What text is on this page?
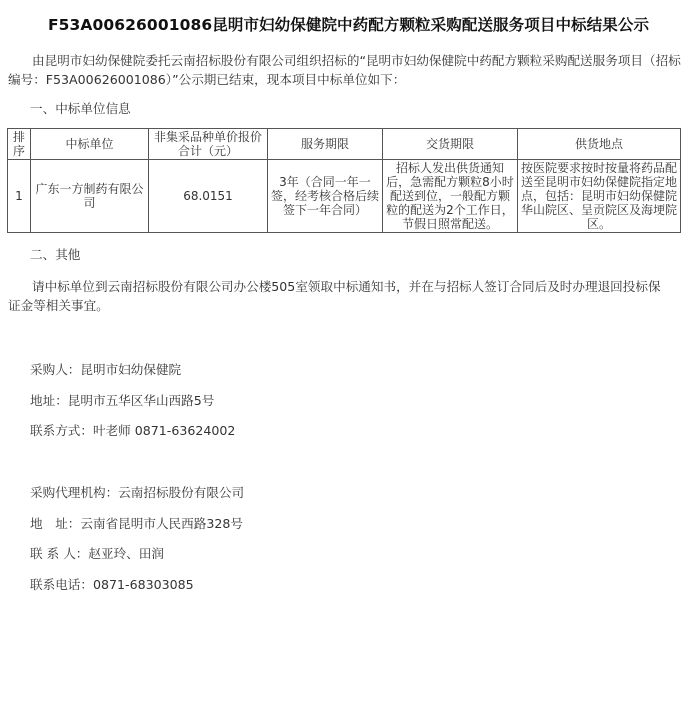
F53A00626001086昆明市妇幼保健院中药配方颗粒采购配送服务项目中标结果公示
由昆明市妇幼保健院委托云南招标股份有限公司组织招标的“昆明市妇幼保健院中药配方颗粒采购配送服务项目（招标编号：F53A00626001086）”公示期已结束，现本项目中标单位如下：
一、中标单位信息
排序	中标单位	非集采品种单价报价合计（元）	服务期限	交货期限	供货地点
1	广东一方制药有限公司	68.0151	3年（合同一年一签，经考核合格后续签下一年合同）	招标人发出供货通知后，急需配方颗粒8小时配送到位，一般配方颗粒的配送为2个工作日，节假日照常配送。	按医院要求按时按量将药品配送至昆明市妇幼保健院指定地点，包括：昆明市妇幼保健院华山院区、呈贡院区及海埂院区。
二、其他
请中标单位到云南招标股份有限公司办公楼505室领取中标通知书，并在与招标人签订合同后及时办理退回投标保证金等相关事宜。
采购人：昆明市妇幼保健院
地址：昆明市五华区华山西路5号
联系方式：叶老师 0871-63624002
采购代理机构：云南招标股份有限公司
地　址：云南省昆明市人民西路328号
联 系 人：赵亚玲、田润
联系电话：0871-68303085
